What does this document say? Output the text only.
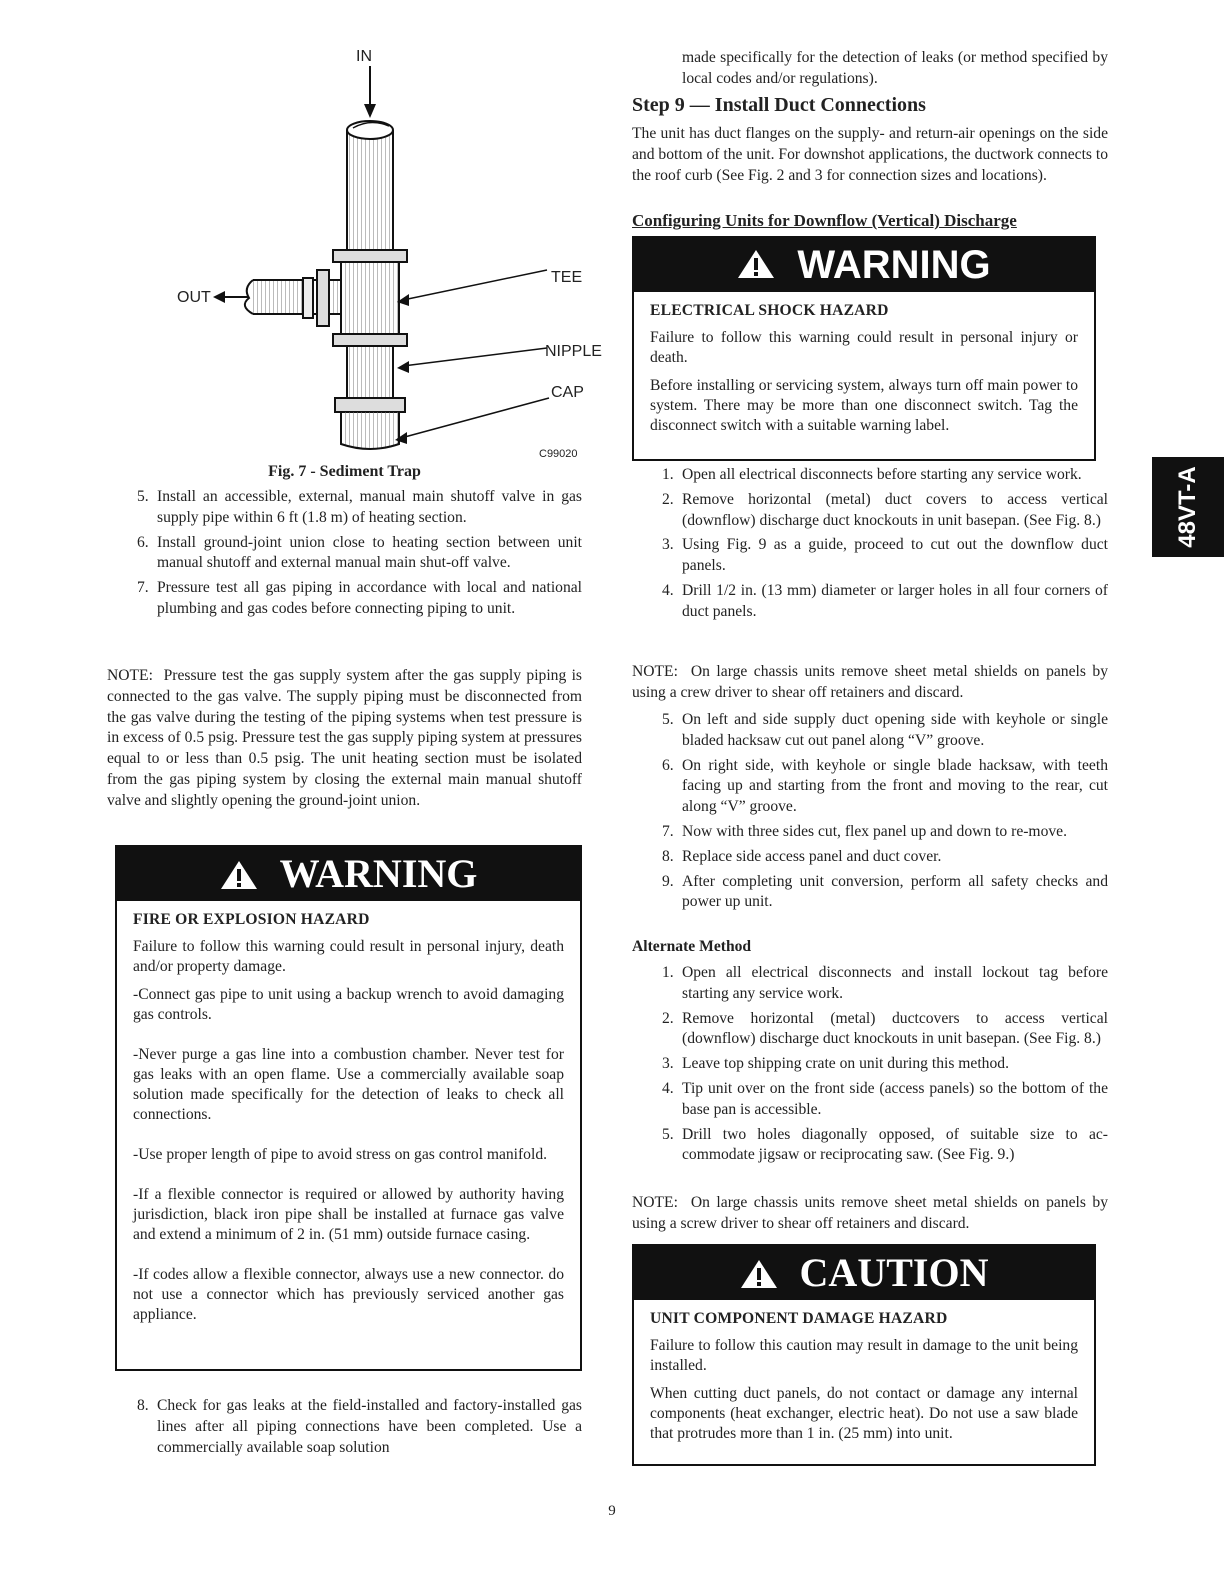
IN
OUT
TEE
NIPPLE
CAP
C99020
Fig. 7 - Sediment Trap
5. Install an accessible, external, manual main shutoff valve in gas supply pipe within 6 ft (1.8 m) of heating section.
6. Install ground-joint union close to heating section between unit manual shutoff and external manual main shut-off valve.
7. Pressure test all gas piping in accordance with local and national plumbing and gas codes before connecting piping to unit.

NOTE: Pressure test the gas supply system after the gas supply piping is connected to the gas valve. The supply piping must be disconnected from the gas valve during the testing of the piping systems when test pressure is in excess of 0.5 psig. Pressure test the gas supply piping system at pressures equal to or less than 0.5 psig. The unit heating section must be isolated from the gas piping system by closing the external main manual shutoff valve and slightly opening the ground-joint union.

WARNING
FIRE OR EXPLOSION HAZARD

Failure to follow this warning could result in personal injury, death and/or property damage.

-Connect gas pipe to unit using a backup wrench to avoid damaging gas controls.

-Never purge a gas line into a combustion chamber. Never test for gas leaks with an open flame. Use a commercially available soap solution made specifically for the detection of leaks to check all connections.

-Use proper length of pipe to avoid stress on gas control manifold.

-If a flexible connector is required or allowed by authority having jurisdiction, black iron pipe shall be installed at furnace gas valve and extend a minimum of 2 in. (51 mm) outside furnace casing.

-If codes allow a flexible connector, always use a new connector. do not use a connector which has previously serviced another gas appliance.

8. Check for gas leaks at the field-installed and factory-installed gas lines after all piping connections have been completed. Use a commercially available soap solution

made specifically for the detection of leaks (or method specified by local codes and/or regulations).

Step 9 — Install Duct Connections

The unit has duct flanges on the supply- and return-air openings on the side and bottom of the unit. For downshot applications, the ductwork connects to the roof curb (See Fig. 2 and 3 for connection sizes and locations).

Configuring Units for Downflow (Vertical) Discharge
WARNING
ELECTRICAL SHOCK HAZARD

Failure to follow this warning could result in personal injury or death.

Before installing or servicing system, always turn off main power to system. There may be more than one disconnect switch. Tag the disconnect switch with a suitable warning label.

1. Open all electrical disconnects before starting any service work.
2. Remove horizontal (metal) duct covers to access vertical (downflow) discharge duct knockouts in unit basepan. (See Fig. 8.)
3. Using Fig. 9 as a guide, proceed to cut out the downflow duct panels.
4. Drill 1/2 in. (13 mm) diameter or larger holes in all four corners of duct panels.

NOTE: On large chassis units remove sheet metal shields on panels by using a crew driver to shear off retainers and discard.

5. On left and side supply duct opening side with keyhole or single bladed hacksaw cut out panel along “V” groove.
6. On right side, with keyhole or single blade hacksaw, with teeth facing up and starting from the front and moving to the rear, cut along “V” groove.
7. Now with three sides cut, flex panel up and down to re-move.
8. Replace side access panel and duct cover.
9. After completing unit conversion, perform all safety checks and power up unit.
Alternate Method
1. Open all electrical disconnects and install lockout tag before starting any service work.
2. Remove horizontal (metal) ductcovers to access vertical (downflow) discharge duct knockouts in unit basepan. (See Fig. 8.)
3. Leave top shipping crate on unit during this method.
4. Tip unit over on the front side (access panels) so the bottom of the base pan is accessible.
5. Drill two holes diagonally opposed, of suitable size to ac-commodate jigsaw or reciprocating saw. (See Fig. 9.)

NOTE: On large chassis units remove sheet metal shields on panels by using a screw driver to shear off retainers and discard.

CAUTION
UNIT COMPONENT DAMAGE HAZARD

Failure to follow this caution may result in damage to the unit being installed.

When cutting duct panels, do not contact or damage any internal components (heat exchanger, electric heat). Do not use a saw blade that protrudes more than 1 in. (25 mm) into unit.

48VT-A
9
